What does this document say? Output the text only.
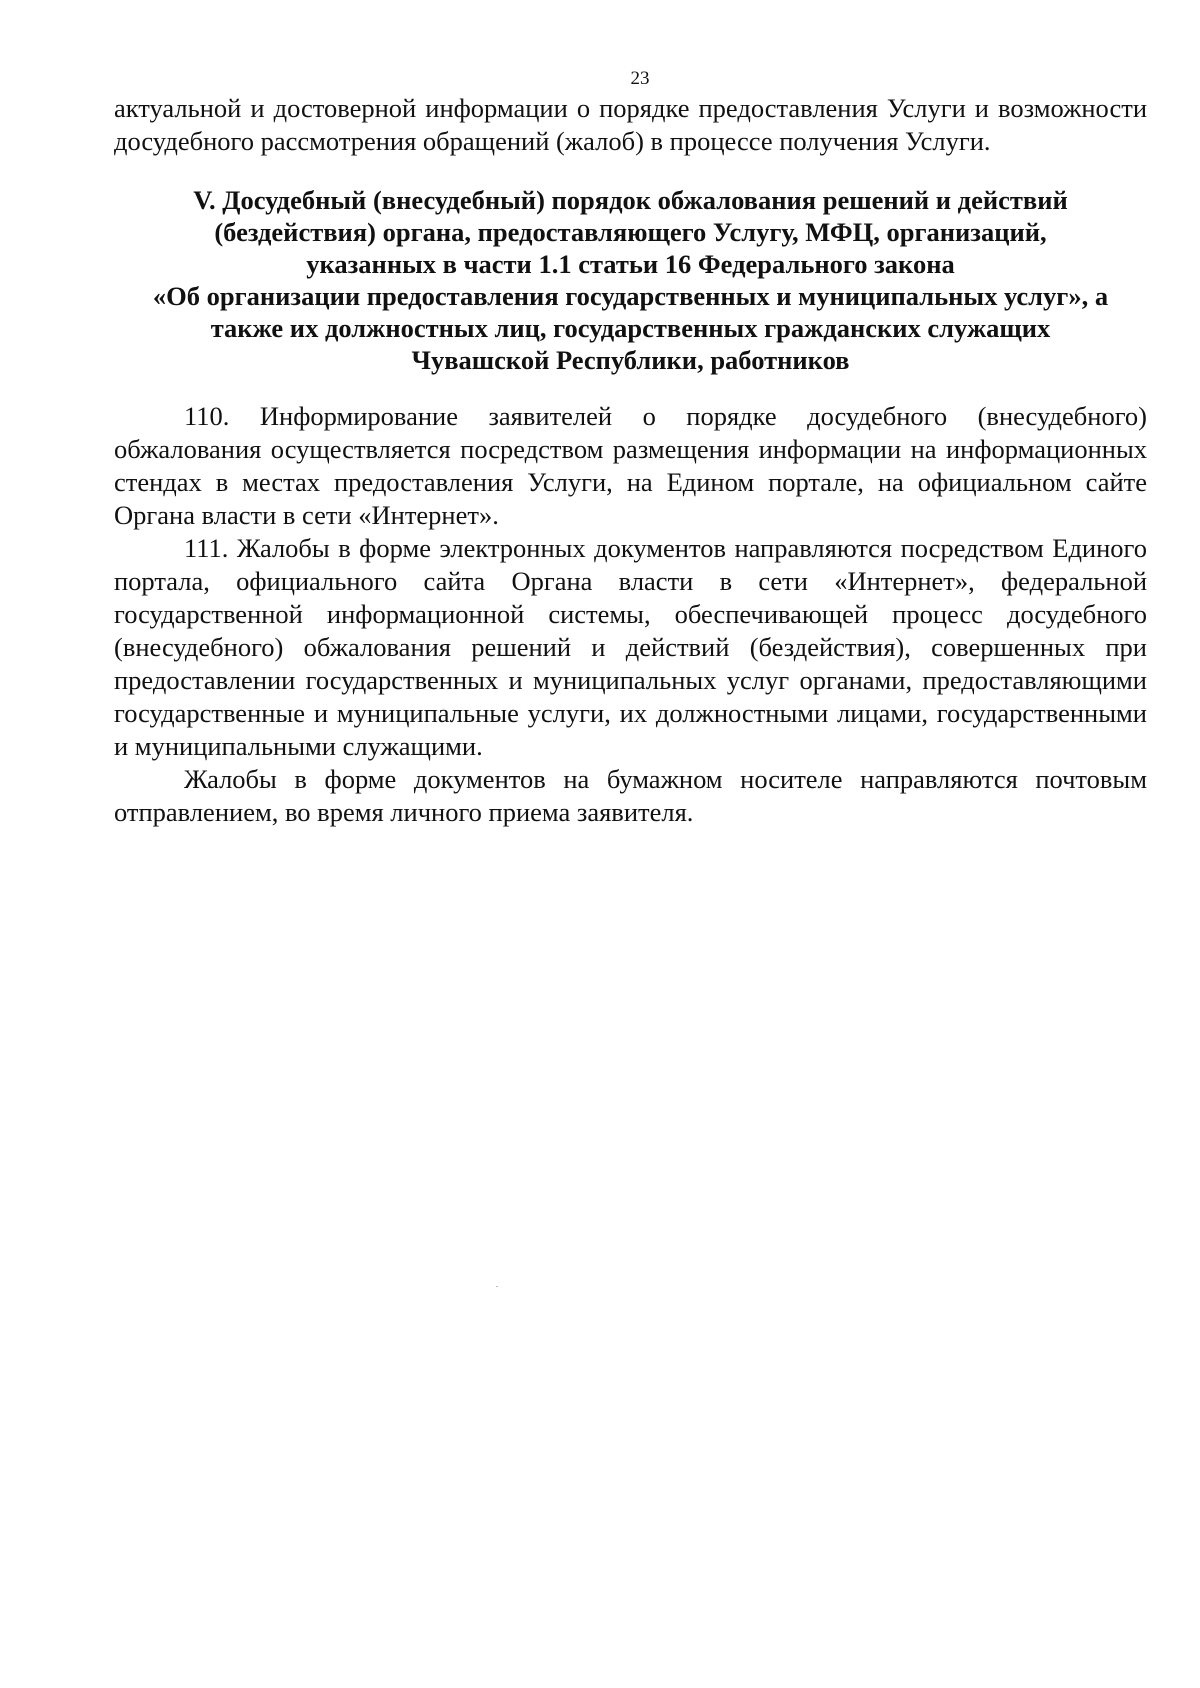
23

актуальной и достоверной информации о порядке предоставления Услуги и возможности досудебного рассмотрения обращений (жалоб) в процессе получения Услуги.

V. Досудебный (внесудебный) порядок обжалования решений и действий
(бездействия) органа, предоставляющего Услугу, МФЦ, организаций,
указанных в части 1.1 статьи 16 Федерального закона
«Об организации предоставления государственных и муниципальных услуг», а
также их должностных лиц, государственных гражданских служащих
Чувашской Республики, работников

110. Информирование заявителей о порядке досудебного (внесудебного) обжалования осуществляется посредством размещения информации на информационных стендах в местах предоставления Услуги, на Едином портале, на официальном сайте Органа власти в сети «Интернет».

111. Жалобы в форме электронных документов направляются посредством Единого портала, официального сайта Органа власти в сети «Интернет», федеральной государственной информационной системы, обеспечивающей процесс досудебного (внесудебного) обжалования решений и действий (бездействия), совершенных при предоставлении государственных и муниципальных услуг органами, предоставляющими государственные и муниципальные услуги, их должностными лицами, государственными и муниципальными служащими.

Жалобы в форме документов на бумажном носителе направляются почтовым отправлением, во время личного приема заявителя.
